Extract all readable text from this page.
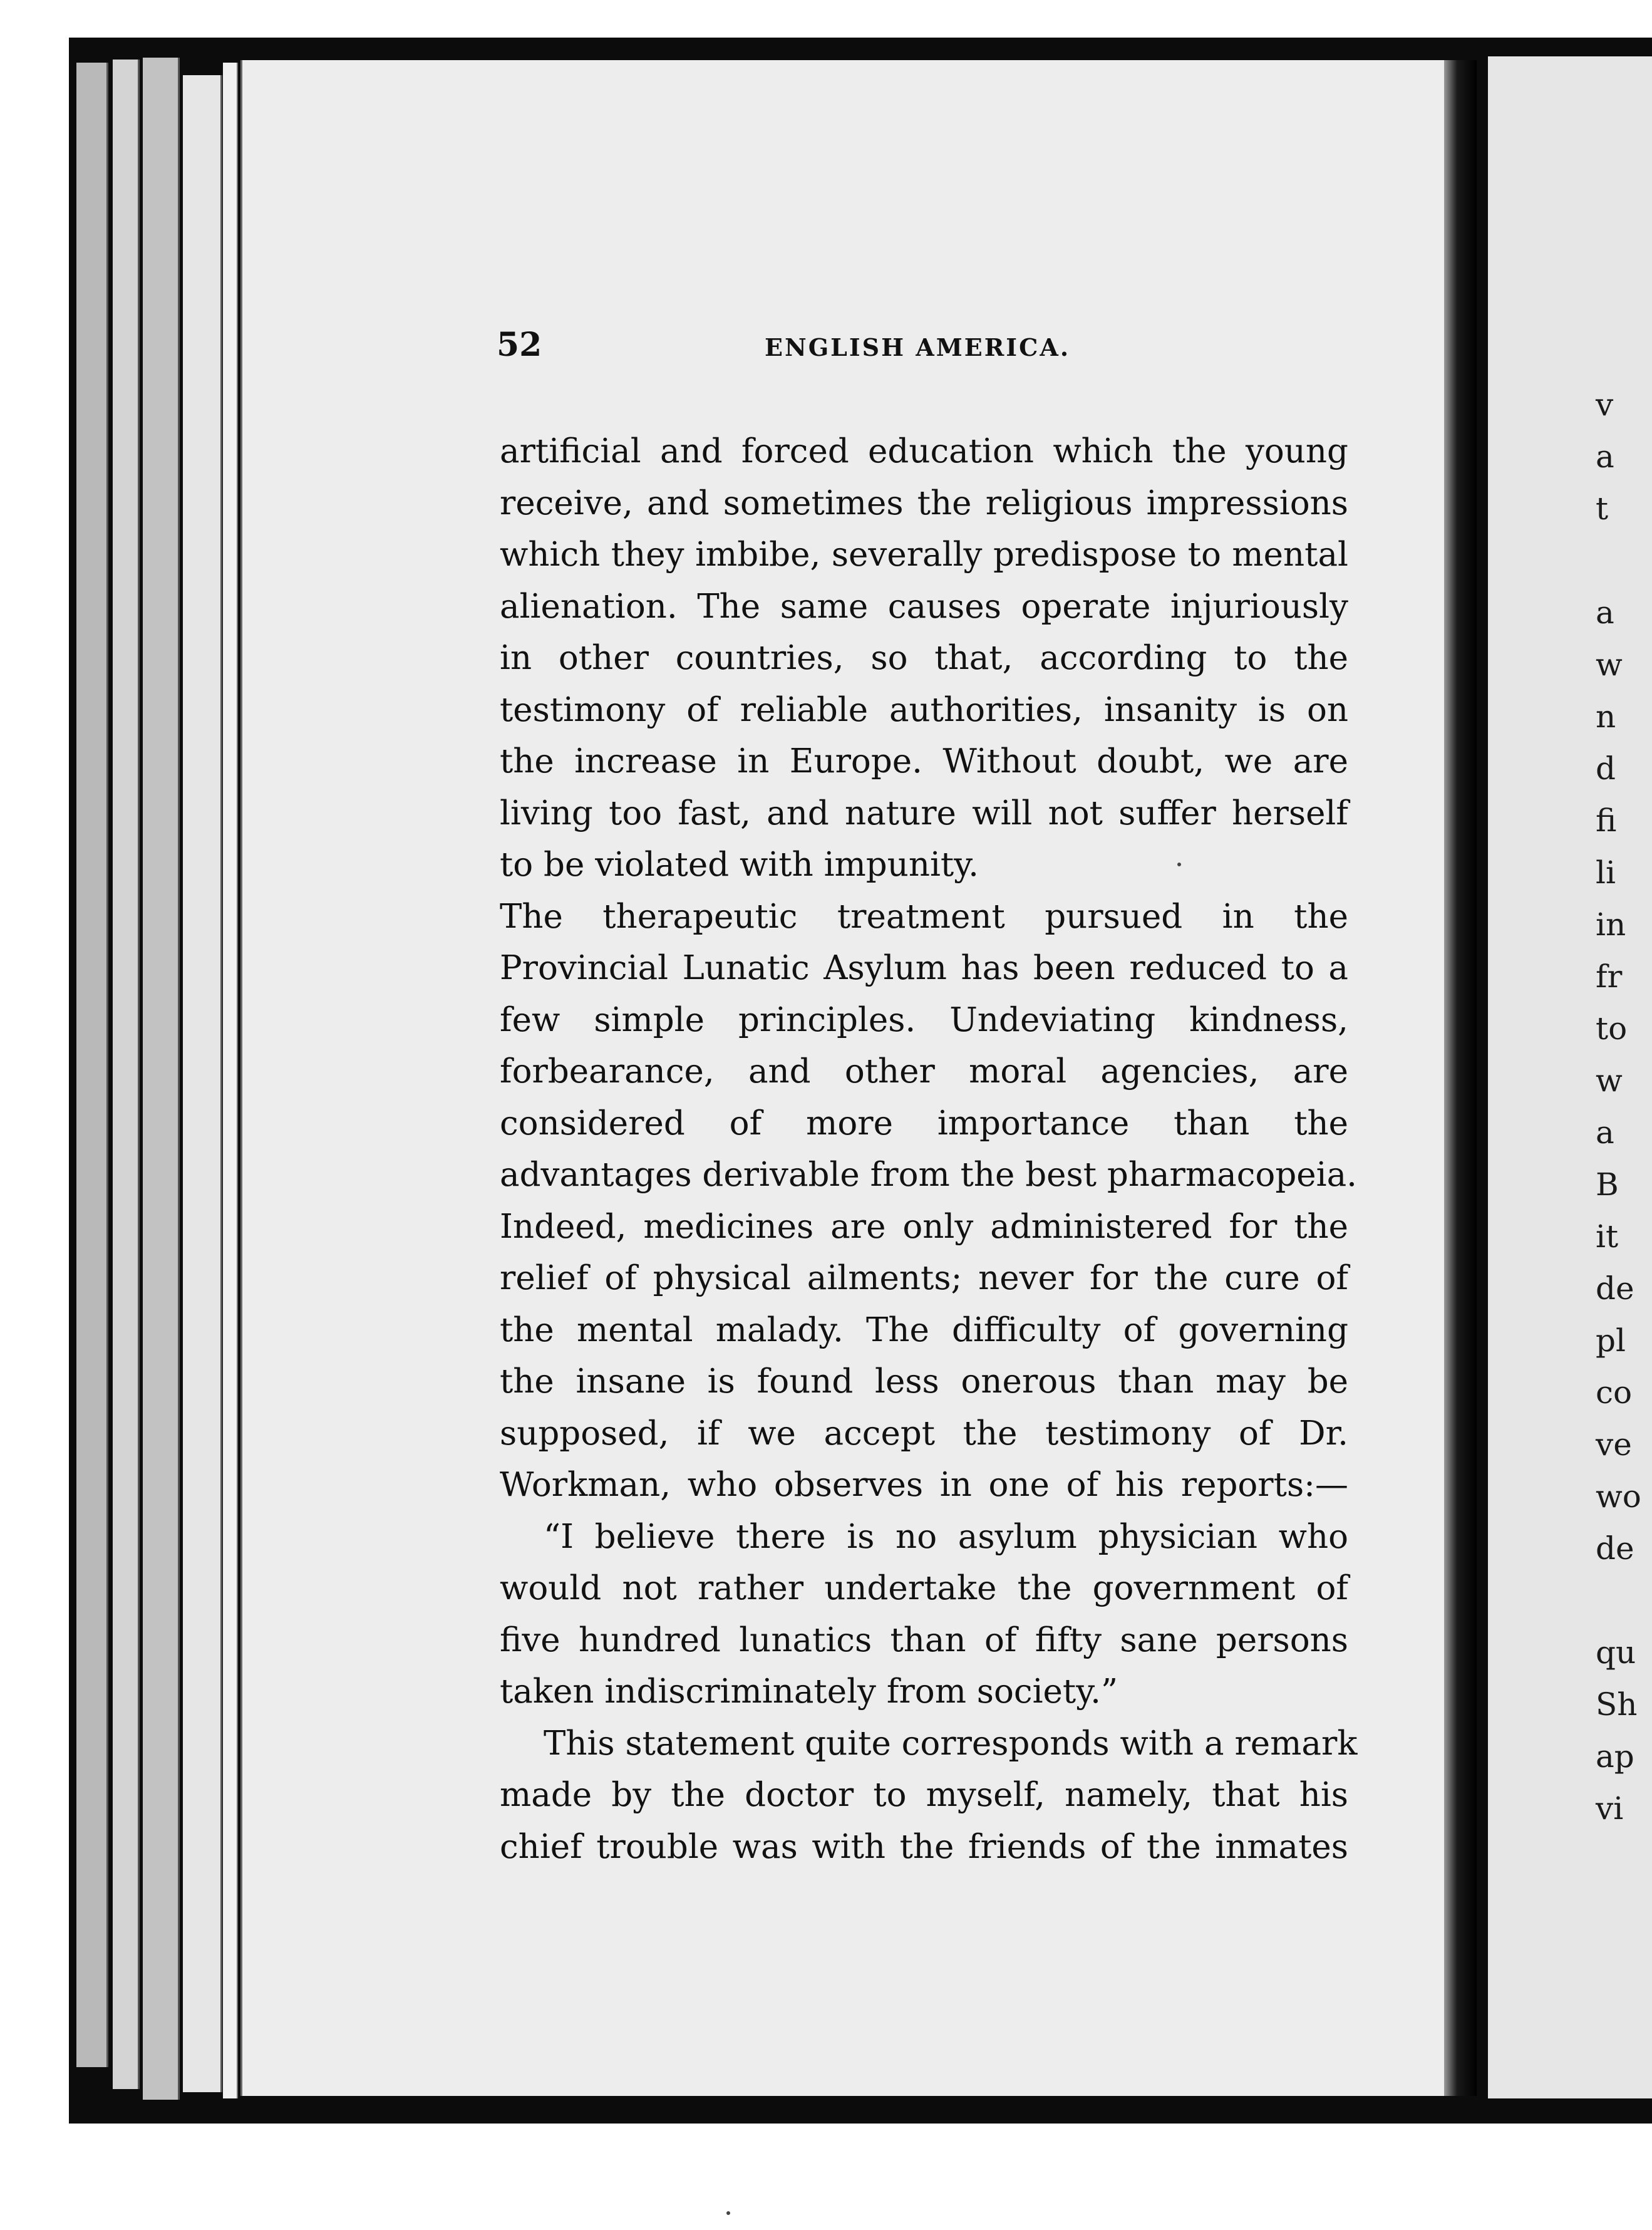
v
a
t
a
w
n
d
fi
li
in
fr
to
w
a
B
it
de
pl
co
ve
wo
de
qu
Sh
ap
vi
52	ENGLISH AMERICA.
artificial and forced education which the young
receive, and sometimes the religious impressions
which they imbibe, severally predispose to mental
alienation. The same causes operate injuriously
in other countries, so that, according to the
testimony of reliable authorities, insanity is on
the increase in Europe. Without doubt, we are
living too fast, and nature will not suffer herself
to be violated with impunity.
The therapeutic treatment pursued in the
Provincial Lunatic Asylum has been reduced to a
few simple principles. Undeviating kindness,
forbearance, and other moral agencies, are
considered of more importance than the
advantages derivable from the best pharmacopeia.
Indeed, medicines are only administered for the
relief of physical ailments; never for the cure of
the mental malady. The difficulty of governing
the insane is found less onerous than may be
supposed, if we accept the testimony of Dr.
Workman, who observes in one of his reports:—
“I believe there is no asylum physician who
would not rather undertake the government of
five hundred lunatics than of fifty sane persons
taken indiscriminately from society.”
This statement quite corresponds with a remark
made by the doctor to myself, namely, that his
chief trouble was with the friends of the inmates
